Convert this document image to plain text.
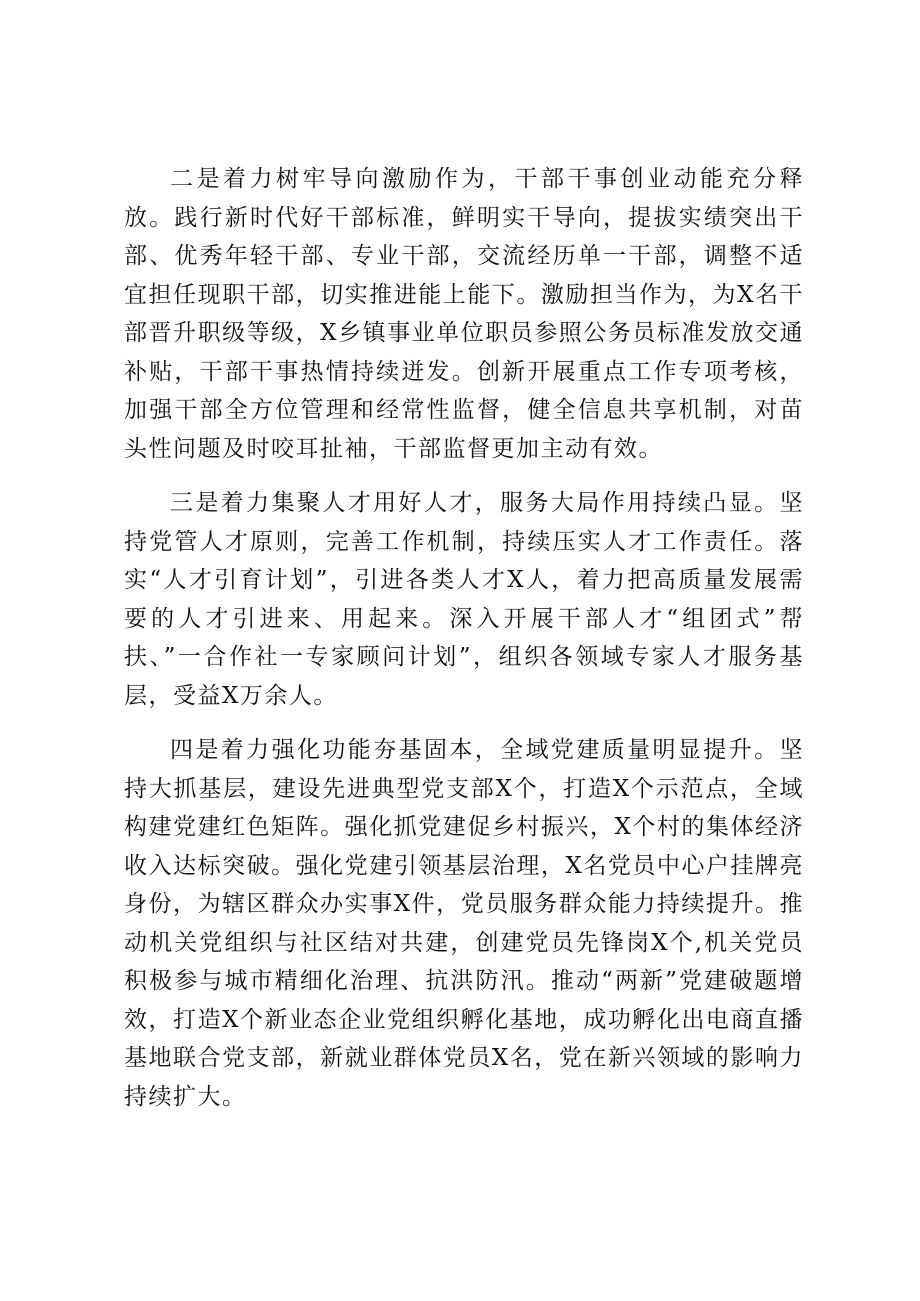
二是着力树牢导向激励作为，干部干事创业动能充分释放。践行新时代好干部标准，鲜明实干导向，提拔实绩突出干部、优秀年轻干部、专业干部，交流经历单一干部，调整不适宜担任现职干部，切实推进能上能下。激励担当作为，为X名干部晋升职级等级，X乡镇事业单位职员参照公务员标准发放交通补贴，干部干事热情持续迸发。创新开展重点工作专项考核，加强干部全方位管理和经常性监督，健全信息共享机制，对苗头性问题及时咬耳扯袖，干部监督更加主动有效。

三是着力集聚人才用好人才，服务大局作用持续凸显。坚持党管人才原则，完善工作机制，持续压实人才工作责任。落实“人才引育计划”，引进各类人才X人，着力把高质量发展需要的人才引进来、用起来。深入开展干部人才“组团式”帮扶、”一合作社一专家顾问计划”，组织各领域专家人才服务基层，受益X万余人。

四是着力强化功能夯基固本，全域党建质量明显提升。坚持大抓基层，建设先进典型党支部X个，打造X个示范点，全域构建党建红色矩阵。强化抓党建促乡村振兴，X个村的集体经济收入达标突破。强化党建引领基层治理，X名党员中心户挂牌亮身份，为辖区群众办实事X件，党员服务群众能力持续提升。推动机关党组织与社区结对共建，创建党员先锋岗X个,机关党员积极参与城市精细化治理、抗洪防汛。推动“两新”党建破题增效，打造X个新业态企业党组织孵化基地，成功孵化出电商直播基地联合党支部，新就业群体党员X名，党在新兴领域的影响力持续扩大。
